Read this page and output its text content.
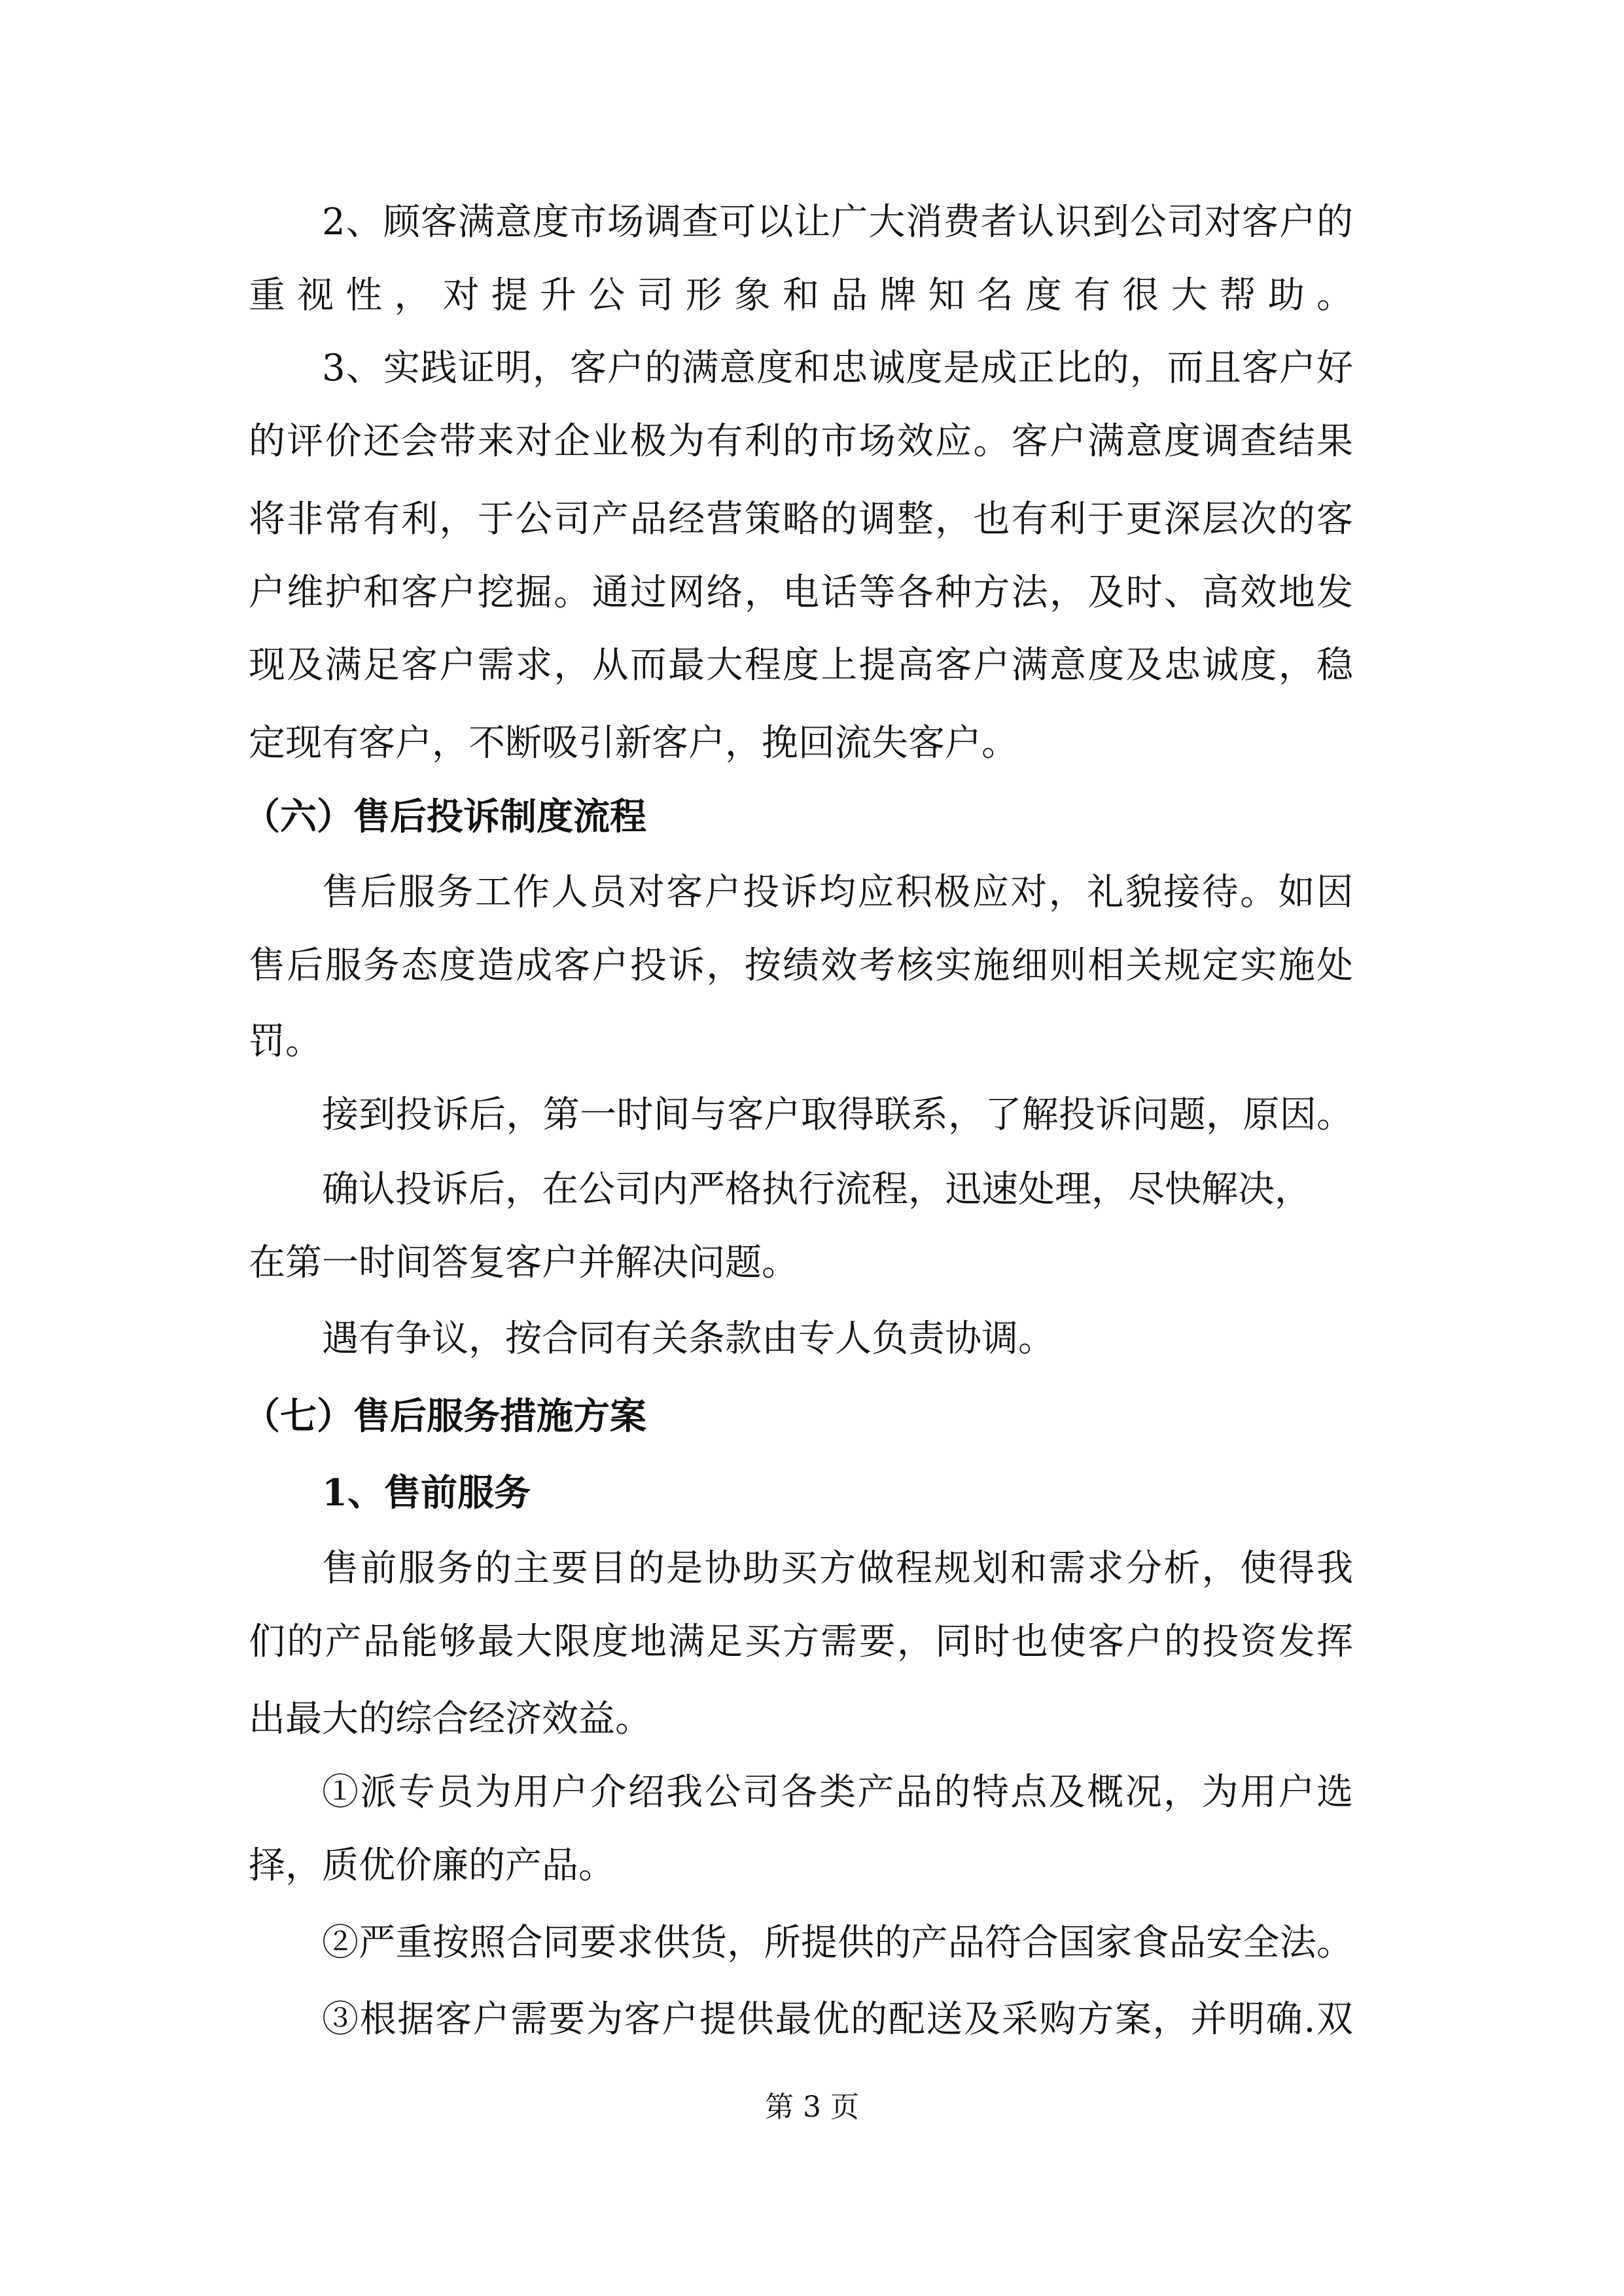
2、顾客满意度市场调查可以让广大消费者认识到公司对客户的
重视性，对提升公司形象和品牌知名度有很大帮助。
3、实践证明，客户的满意度和忠诚度是成正比的，而且客户好
的评价还会带来对企业极为有利的市场效应。客户满意度调查结果
将非常有利，于公司产品经营策略的调整，也有利于更深层次的客
户维护和客户挖掘。通过网络，电话等各种方法，及时、高效地发
现及满足客户需求，从而最大程度上提高客户满意度及忠诚度，稳
定现有客户，不断吸引新客户，挽回流失客户。
（六）售后投诉制度流程
售后服务工作人员对客户投诉均应积极应对，礼貌接待。如因
售后服务态度造成客户投诉，按绩效考核实施细则相关规定实施处
罚。
接到投诉后，第一时间与客户取得联系，了解投诉问题，原因。
确认投诉后，在公司内严格执行流程，迅速处理，尽快解决，
在第一时间答复客户并解决问题。
遇有争议，按合同有关条款由专人负责协调。
（七）售后服务措施方案
1、售前服务
售前服务的主要目的是协助买方做程规划和需求分析，使得我
们的产品能够最大限度地满足买方需要，同时也使客户的投资发挥
出最大的综合经济效益。
①派专员为用户介绍我公司各类产品的特点及概况，为用户选
择，质优价廉的产品。
②严重按照合同要求供货，所提供的产品符合国家食品安全法。
③根据客户需要为客户提供最优的配送及采购方案，并明确.双
第 3 页
